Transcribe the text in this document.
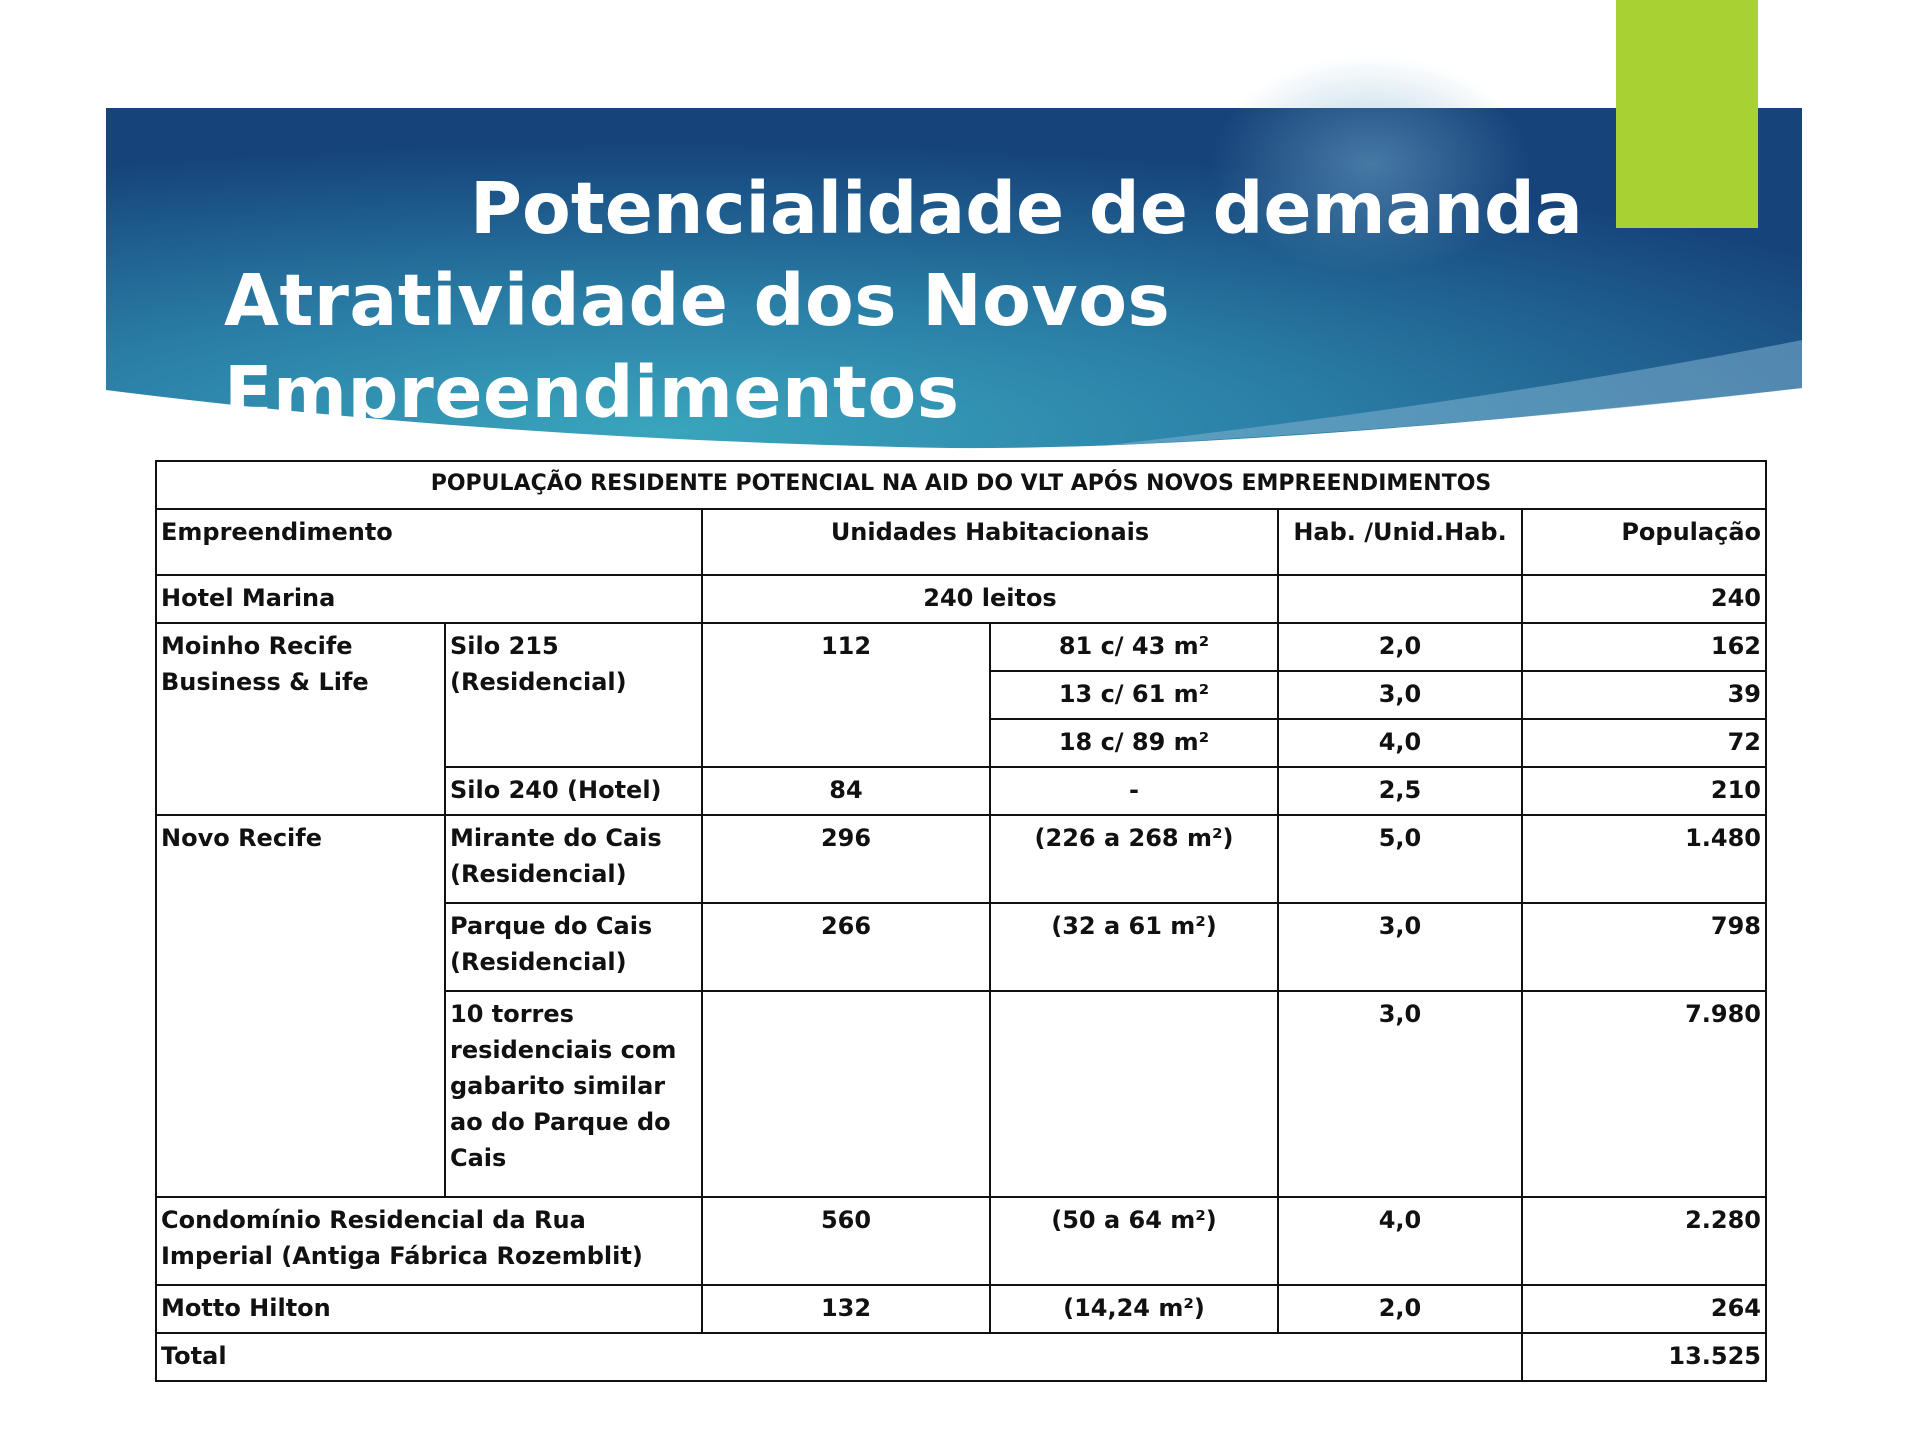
Potencialidade de demanda
Atratividade dos Novos Empreendimentos
POPULAÇÃO RESIDENTE POTENCIAL NA AID DO VLT APÓS NOVOS EMPREENDIMENTOS					
Empreendimento		Unidades Habitacionais		Hab. /Unid.Hab.	População
Hotel Marina		240 leitos			240
Moinho Recife Business & Life	Silo 215 (Residencial)	112	81 c/ 43 m²	2,0	162
			13 c/ 61 m²	3,0	39
			18 c/ 89 m²	4,0	72
	Silo 240 (Hotel)	84	-	2,5	210
Novo Recife	Mirante do Cais (Residencial)	296	(226 a 268 m²)	5,0	1.480
	Parque do Cais (Residencial)	266	(32 a 61 m²)	3,0	798
	10 torres residenciais com gabarito similar ao do Parque do Cais			3,0	7.980
Condomínio Residencial da Rua Imperial (Antiga Fábrica Rozemblit)		560	(50 a 64 m²)	4,0	2.280
Motto Hilton		132	(14,24 m²)	2,0	264
Total					13.525
